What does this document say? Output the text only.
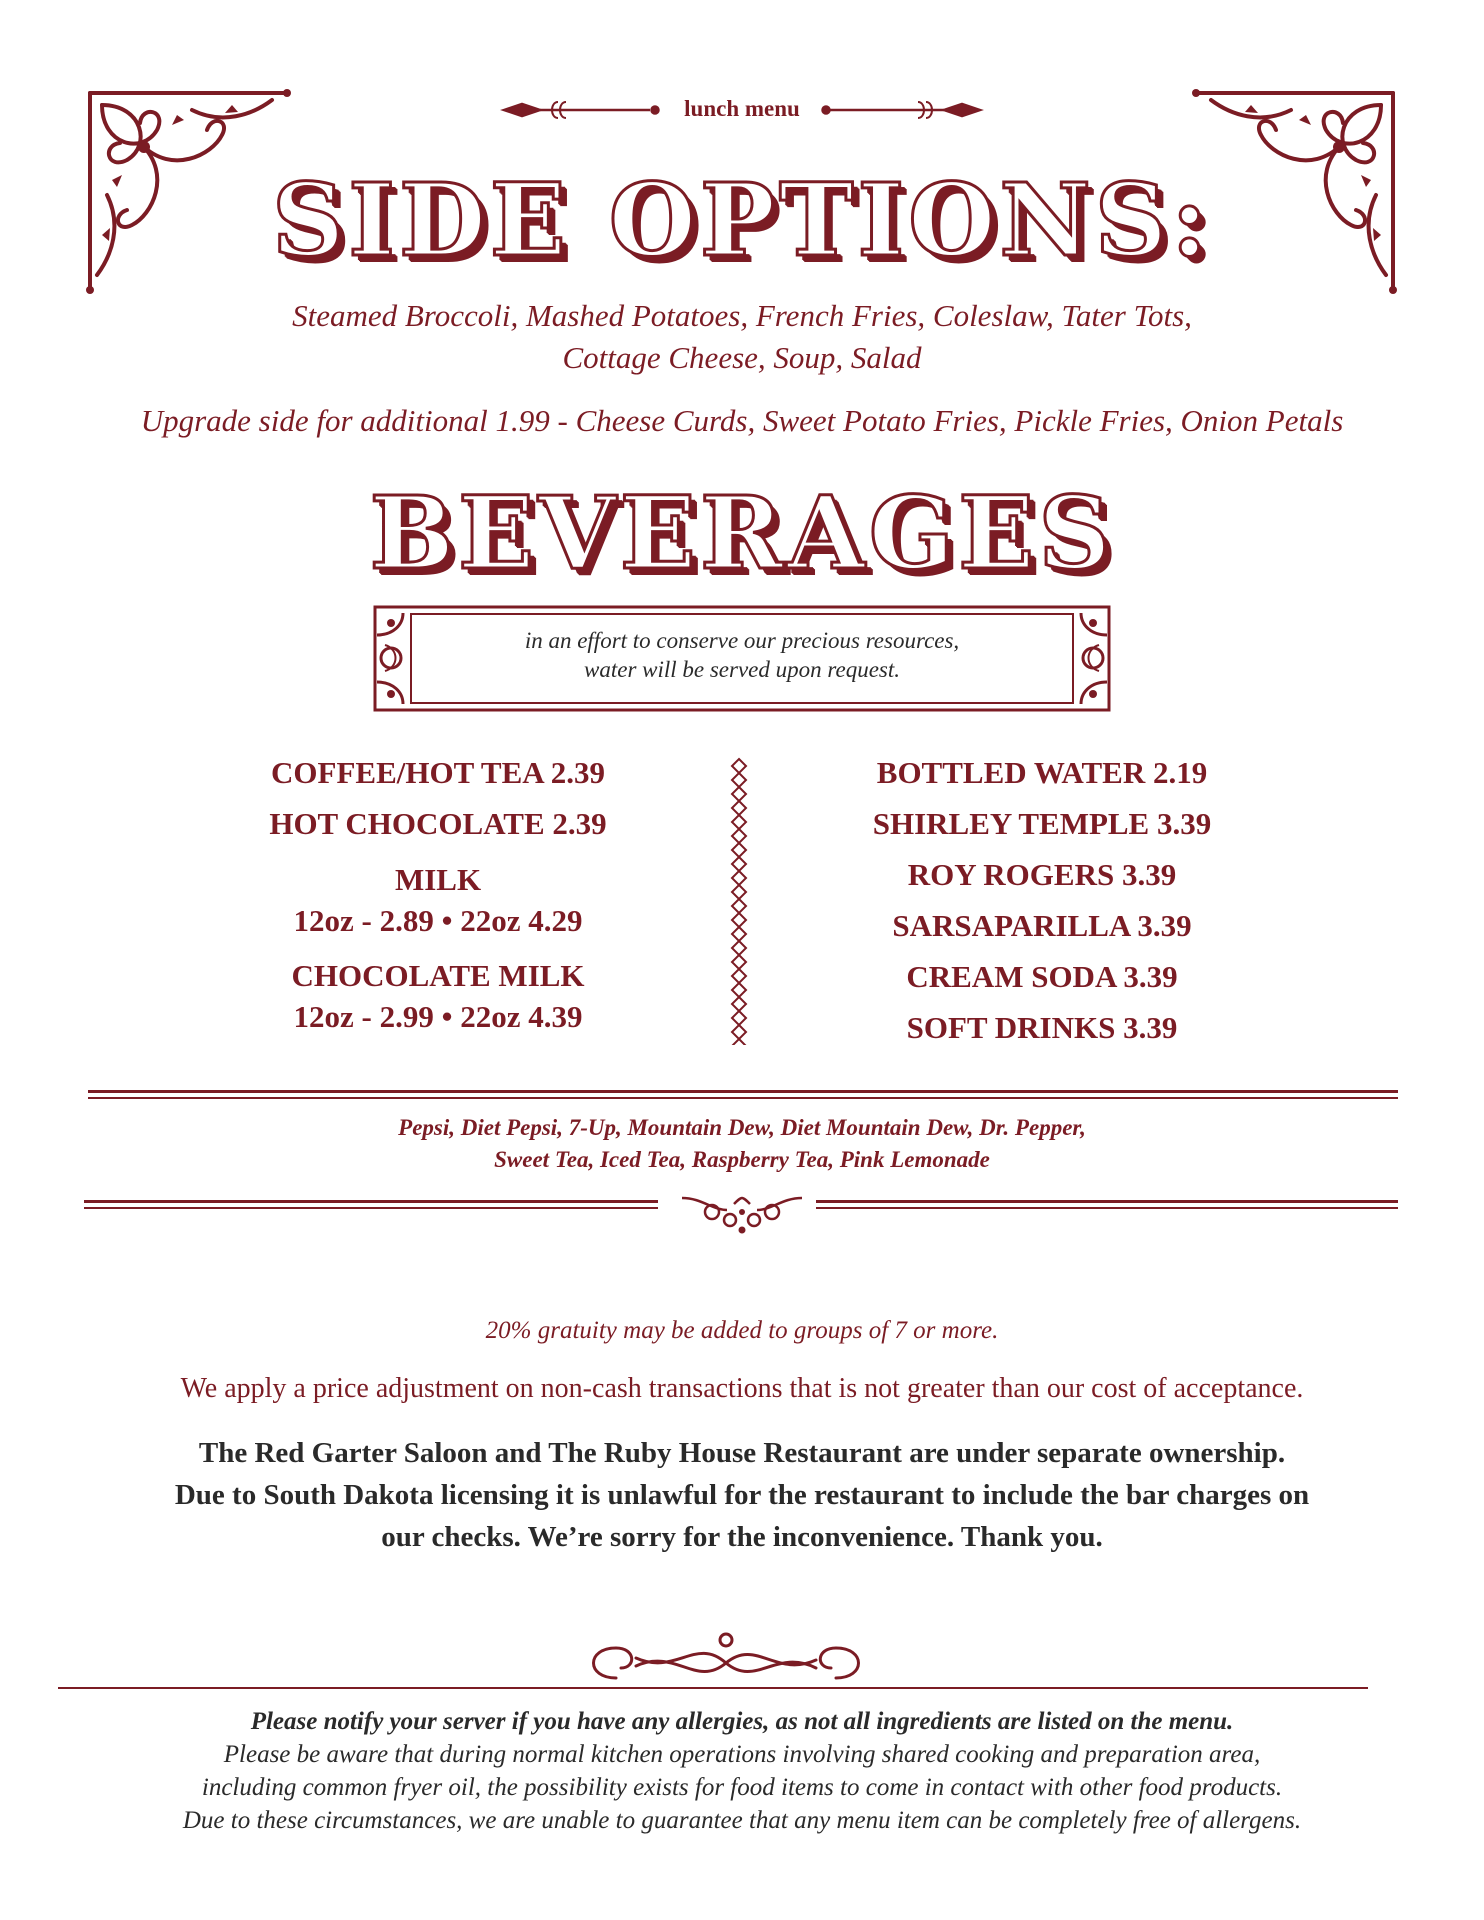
lunch menu
SIDE OPTIONS:
Steamed Broccoli, Mashed Potatoes, French Fries, Coleslaw, Tater Tots,
Cottage Cheese, Soup, Salad
Upgrade side for additional 1.99 - Cheese Curds, Sweet Potato Fries, Pickle Fries, Onion Petals
BEVERAGES
in an effort to conserve our precious resources,
water will be served upon request.
COFFEE/HOT TEA 2.39
HOT CHOCOLATE 2.39
MILK
12oz - 2.89 • 22oz 4.29
CHOCOLATE MILK
12oz - 2.99 • 22oz 4.39
BOTTLED WATER 2.19
SHIRLEY TEMPLE 3.39
ROY ROGERS 3.39
SARSAPARILLA 3.39
CREAM SODA 3.39
SOFT DRINKS 3.39
Pepsi, Diet Pepsi, 7-Up, Mountain Dew, Diet Mountain Dew, Dr. Pepper,
Sweet Tea, Iced Tea, Raspberry Tea, Pink Lemonade
20% gratuity may be added to groups of 7 or more.
We apply a price adjustment on non-cash transactions that is not greater than our cost of acceptance.
The Red Garter Saloon and The Ruby House Restaurant are under separate ownership.
Due to South Dakota licensing it is unlawful for the restaurant to include the bar charges on
our checks. We’re sorry for the inconvenience. Thank you.
Please notify your server if you have any allergies, as not all ingredients are listed on the menu.
Please be aware that during normal kitchen operations involving shared cooking and preparation area,
including common fryer oil, the possibility exists for food items to come in contact with other food products.
Due to these circumstances, we are unable to guarantee that any menu item can be completely free of allergens.
